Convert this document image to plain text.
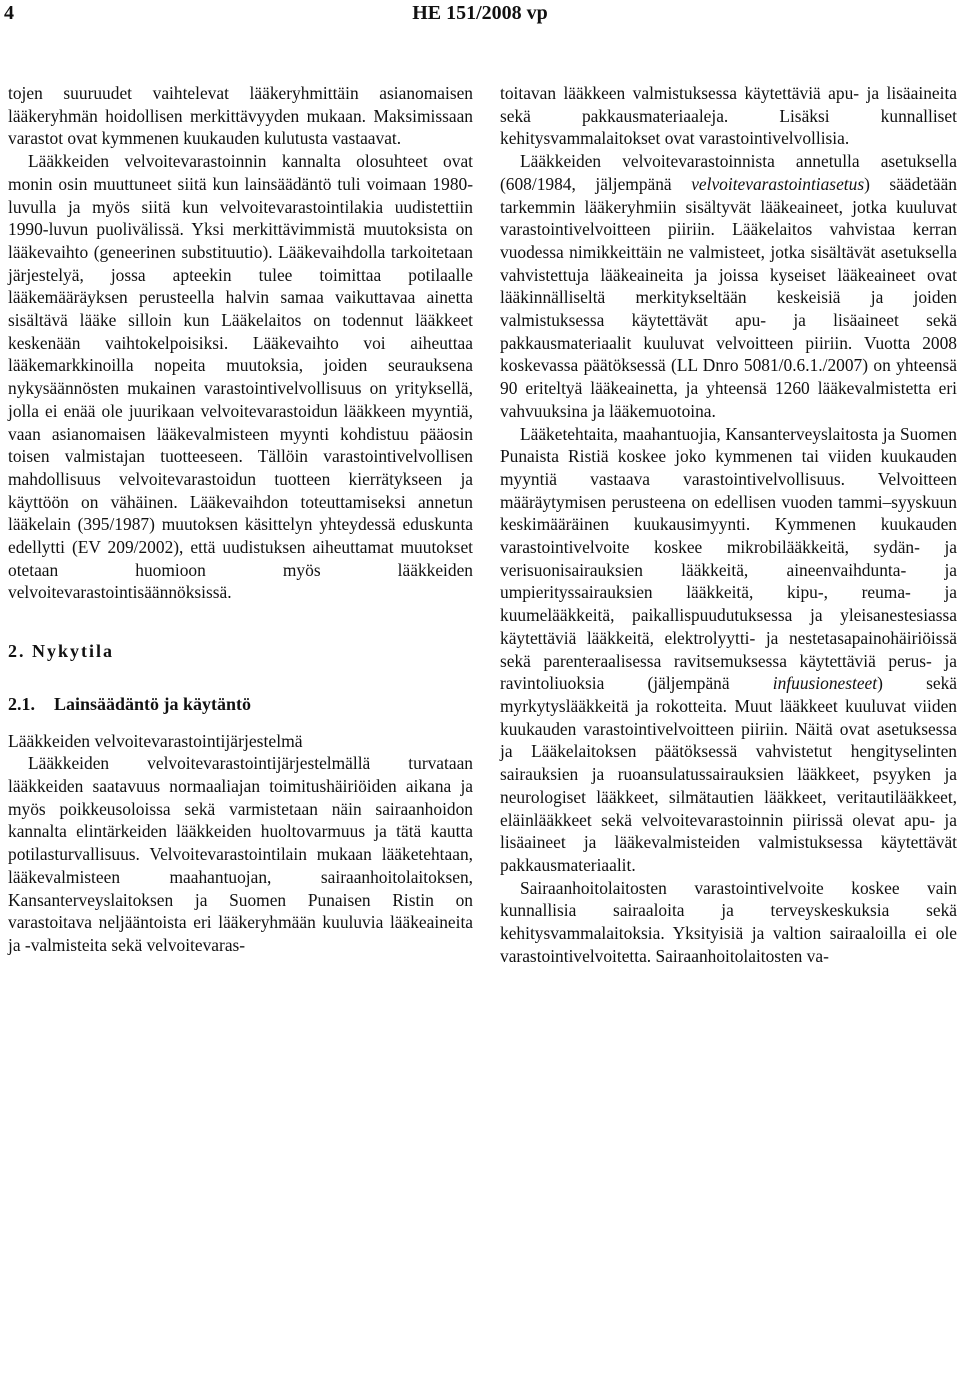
4	HE 151/2008 vp

tojen suuruudet vaihtelevat lääkeryhmittäin asianomaisen lääkeryhmän hoidollisen merkittävyyden mukaan. Maksimissaan varastot ovat kymmenen kuukauden kulutusta vastaavat.

Lääkkeiden velvoitevarastoinnin kannalta olosuhteet ovat monin osin muuttuneet siitä kun lainsäädäntö tuli voimaan 1980-luvulla ja myös siitä kun velvoitevarastointilakia uudistettiin 1990-luvun puolivälissä. Yksi merkittävimmistä muutoksista on lääkevaihto (geneerinen substituutio). Lääkevaihdolla tarkoitetaan järjestelyä, jossa apteekin tulee toimittaa potilaalle lääkemääräyksen perusteella halvin samaa vaikuttavaa ainetta sisältävä lääke silloin kun Lääkelaitos on todennut lääkkeet keskenään vaihtokelpoisiksi. Lääkevaihto voi aiheuttaa lääkemarkkinoilla nopeita muutoksia, joiden seurauksena nykysäännösten mukainen varastointivelvollisuus on yrityksellä, jolla ei enää ole juurikaan velvoitevarastoidun lääkkeen myyntiä, vaan asianomaisen lääkevalmisteen myynti kohdistuu pääosin toisen valmistajan tuotteeseen. Tällöin varastointivelvollisen mahdollisuus velvoitevarastoidun tuotteen kierrätykseen ja käyttöön on vähäinen. Lääkevaihdon toteuttamiseksi annetun lääkelain (395/1987) muutoksen käsittelyn yhteydessä eduskunta edellytti (EV 209/2002), että uudistuksen aiheuttamat muutokset otetaan huomioon myös lääkkeiden velvoitevarastointisäännöksissä.

2. Nykytila
2.1. Lainsäädäntö ja käytäntö
Lääkkeiden velvoitevarastointijärjestelmä

Lääkkeiden velvoitevarastointijärjestelmällä turvataan lääkkeiden saatavuus normaaliajan toimitushäiriöiden aikana ja myös poikkeusoloissa sekä varmistetaan näin sairaanhoidon kannalta elintärkeiden lääkkeiden huoltovarmuus ja tätä kautta potilasturvallisuus. Velvoitevarastointilain mukaan lääketehtaan, lääkevalmisteen maahantuojan, sairaanhoitolaitoksen, Kansanterveyslaitoksen ja Suomen Punaisen Ristin on varastoitava neljääntoista eri lääkeryhmään kuuluvia lääkeaineita ja -valmisteita sekä velvoitevaras-

toitavan lääkkeen valmistuksessa käytettäviä apu- ja lisäaineita sekä pakkausmateriaaleja. Lisäksi kunnalliset kehitysvammalaitokset ovat varastointivelvollisia.

Lääkkeiden velvoitevarastoinnista annetulla asetuksella (608/1984, jäljempänä velvoitevarastointiasetus) säädetään tarkemmin lääkeryhmiin sisältyvät lääkeaineet, jotka kuuluvat varastointivelvoitteen piiriin. Lääkelaitos vahvistaa kerran vuodessa nimikkeittäin ne valmisteet, jotka sisältävät asetuksella vahvistettuja lääkeaineita ja joissa kyseiset lääkeaineet ovat lääkinnälliseltä merkitykseltään keskeisiä ja joiden valmistuksessa käytettävät apu- ja lisäaineet sekä pakkausmateriaalit kuuluvat velvoitteen piiriin. Vuotta 2008 koskevassa päätöksessä (LL Dnro 5081/0.6.1./2007) on yhteensä 90 eriteltyä lääkeainetta, ja yhteensä 1260 lääkevalmistetta eri vahvuuksina ja lääkemuotoina.

Lääketehtaita, maahantuojia, Kansanterveyslaitosta ja Suomen Punaista Ristiä koskee joko kymmenen tai viiden kuukauden myyntiä vastaava varastointivelvollisuus. Velvoitteen määräytymisen perusteena on edellisen vuoden tammi–syyskuun keskimääräinen kuukausimyynti. Kymmenen kuukauden varastointivelvoite koskee mikrobilääkkeitä, sydän- ja verisuonisairauksien lääkkeitä, aineenvaihdunta- ja umpierityssairauksien lääkkeitä, kipu-, reuma- ja kuumelääkkeitä, paikallispuudutuksessa ja yleisanestesiassa käytettäviä lääkkeitä, elektrolyytti- ja nestetasapainohäiriöissä sekä parenteraalisessa ravitsemuksessa käytettäviä perus- ja ravintoliuoksia (jäljempänä infuusionesteet) sekä myrkytyslääkkeitä ja rokotteita. Muut lääkkeet kuuluvat viiden kuukauden varastointivelvoitteen piiriin. Näitä ovat asetuksessa ja Lääkelaitoksen päätöksessä vahvistetut hengityselinten sairauksien ja ruoansulatussairauksien lääkkeet, psyyken ja neurologiset lääkkeet, silmätautien lääkkeet, veritautilääkkeet, eläinlääkkeet sekä velvoitevarastoinnin piirissä olevat apu- ja lisäaineet ja lääkevalmisteiden valmistuksessa käytettävät pakkausmateriaalit.

Sairaanhoitolaitosten varastointivelvoite koskee vain kunnallisia sairaaloita ja terveyskeskuksia sekä kehitysvammalaitoksia. Yksityisiä ja valtion sairaaloilla ei ole varastointivelvoitetta. Sairaanhoitolaitosten va-
